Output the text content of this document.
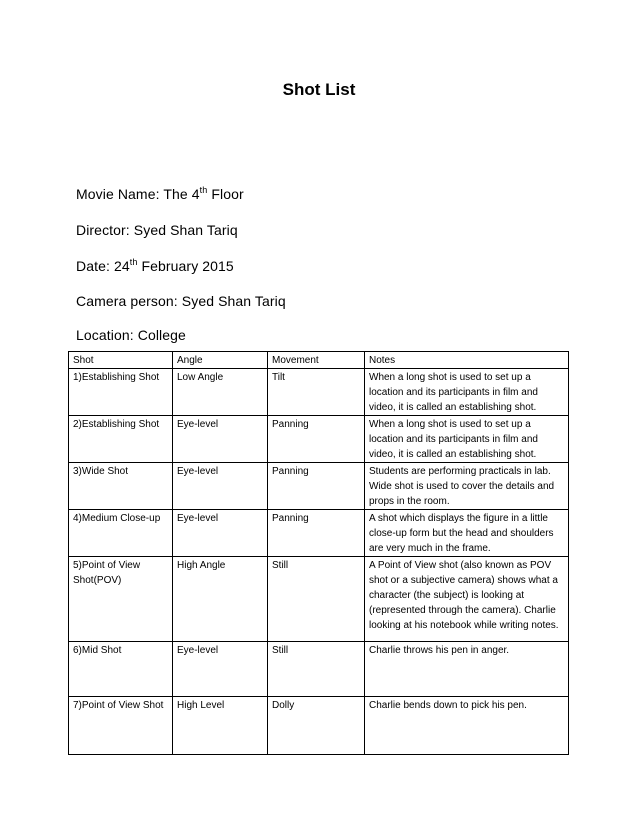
Shot List
Movie Name: The 4th Floor
Director: Syed Shan Tariq
Date: 24th February 2015
Camera person: Syed Shan Tariq
Location: College
Shot	Angle	Movement	Notes
1)Establishing Shot	Low Angle	Tilt	When a long shot is used to set up a location and its participants in film and video, it is called an establishing shot.
2)Establishing Shot	Eye-level	Panning	When a long shot is used to set up a location and its participants in film and video, it is called an establishing shot.
3)Wide Shot	Eye-level	Panning	Students are performing practicals in lab. Wide shot is used to cover the details and props in the room.
4)Medium Close-up	Eye-level	Panning	A shot which displays the figure in a little close-up form but the head and shoulders are very much in the frame.
5)Point of View Shot(POV)	High Angle	Still	A Point of View shot (also known as POV shot or a subjective camera) shows what a character (the subject) is looking at (represented through the camera). Charlie looking at his notebook while writing notes.
6)Mid Shot	Eye-level	Still	Charlie throws his pen in anger.
7)Point of View Shot	High Level	Dolly	Charlie bends down to pick his pen.
